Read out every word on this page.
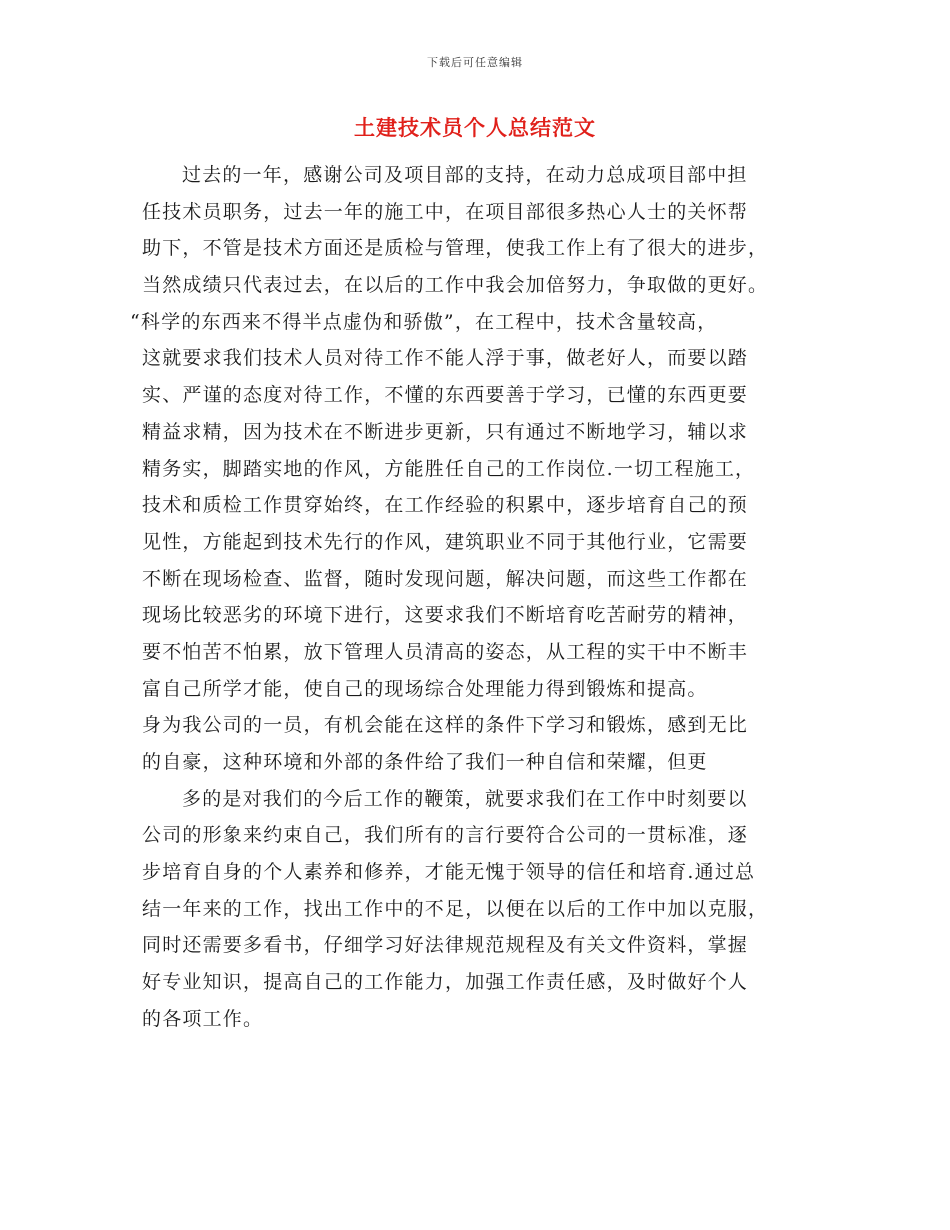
下载后可任意编辑
土建技术员个人总结范文
过去的一年，感谢公司及项目部的支持，在动力总成项目部中担
任技术员职务，过去一年的施工中，在项目部很多热心人士的关怀帮
助下，不管是技术方面还是质检与管理，使我工作上有了很大的进步，
当然成绩只代表过去，在以后的工作中我会加倍努力，争取做的更好。
“科学的东西来不得半点虚伪和骄傲”，在工程中，技术含量较高，
这就要求我们技术人员对待工作不能人浮于事，做老好人，而要以踏
实、严谨的态度对待工作，不懂的东西要善于学习，已懂的东西更要
精益求精，因为技术在不断进步更新，只有通过不断地学习，辅以求
精务实，脚踏实地的作风，方能胜任自己的工作岗位.一切工程施工，
技术和质检工作贯穿始终，在工作经验的积累中，逐步培育自己的预
见性，方能起到技术先行的作风，建筑职业不同于其他行业，它需要
不断在现场检查、监督，随时发现问题，解决问题，而这些工作都在
现场比较恶劣的环境下进行，这要求我们不断培育吃苦耐劳的精神，
要不怕苦不怕累，放下管理人员清高的姿态，从工程的实干中不断丰
富自己所学才能，使自己的现场综合处理能力得到锻炼和提高。
身为我公司的一员，有机会能在这样的条件下学习和锻炼，感到无比
的自豪，这种环境和外部的条件给了我们一种自信和荣耀，但更
多的是对我们的今后工作的鞭策，就要求我们在工作中时刻要以
公司的形象来约束自己，我们所有的言行要符合公司的一贯标准，逐
步培育自身的个人素养和修养，才能无愧于领导的信任和培育.通过总
结一年来的工作，找出工作中的不足，以便在以后的工作中加以克服，
同时还需要多看书，仔细学习好法律规范规程及有关文件资料，掌握
好专业知识，提高自己的工作能力，加强工作责任感，及时做好个人
的各项工作。
